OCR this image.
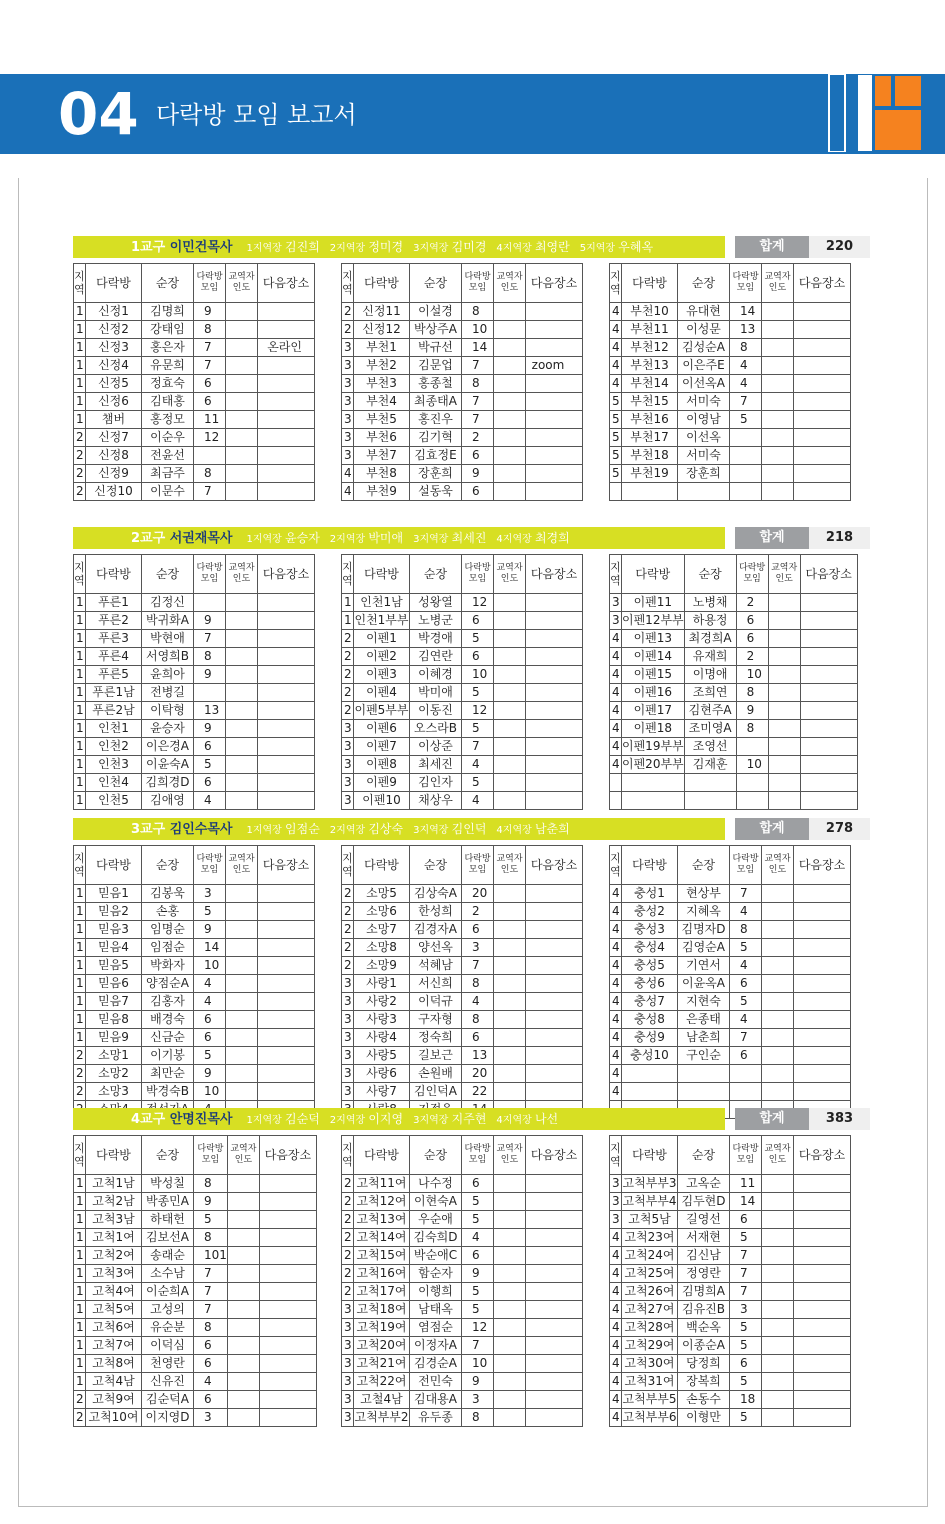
04 다락방 모임 보고서
1교구 이민건목사 1지역장 김진희 2지역장 정미경 3지역장 김미경 4지역장 최영란 5지역장 우혜옥	합계	220
지역	다락방	순장	다락방모임	교역자인도	다음장소
1	신정1	김명희	9		
1	신정2	강태임	8		
1	신정3	홍은자	7		온라인
1	신정4	유문희	7		
1	신정5	정효숙	6		
1	신정6	김태홍	6		
1	챔버	홍정모	11		
2	신정7	이순우	12		
2	신정8	전윤선			
2	신정9	최금주	8		
2	신정10	이문수	7		
지역	다락방	순장	다락방모임	교역자인도	다음장소
2	신정11	이설경	8		
2	신정12	박상주A	10		
3	부천1	박규선	14		
3	부천2	김문업	7		zoom
3	부천3	홍종철	8		
3	부천4	최종태A	7		
3	부천5	홍진우	7		
3	부천6	김기혁	2		
3	부천7	김효정E	6		
4	부천8	장훈희	9		
4	부천9	설동욱	6		
지역	다락방	순장	다락방모임	교역자인도	다음장소
4	부천10	유대현	14		
4	부천11	이성문	13		
4	부천12	김성순A	8		
4	부천13	이은주E	4		
4	부천14	이선옥A	4		
5	부천15	서미숙	7		
5	부천16	이영남	5		
5	부천17	이선옥			
5	부천18	서미숙			
5	부천19	장훈희			

2교구 서권재목사 1지역장 윤승자 2지역장 박미애 3지역장 최세진 4지역장 최경희	합계	218
지역	다락방	순장	다락방모임	교역자인도	다음장소
1	푸른1	김정신			
1	푸른2	박귀화A	9		
1	푸른3	박현애	7		
1	푸른4	서영희B	8		
1	푸른5	윤희아	9		
1	푸른1남	전병길			
1	푸른2남	이탁형	13		
1	인천1	윤승자	9		
1	인천2	이은경A	6		
1	인천3	이윤숙A	5		
1	인천4	김희경D	6		
1	인천5	김애영	4		
지역	다락방	순장	다락방모임	교역자인도	다음장소
1	인천1남	성왕열	12		
1	인천1부부	노병군	6		
2	이펜1	박경애	5		
2	이펜2	김연란	6		
2	이펜3	이혜경	10		
2	이펜4	박미애	5		
2	이펜5부부	이동진	12		
3	이펜6	오스라B	5		
3	이펜7	이상준	7		
3	이펜8	최세진	4		
3	이펜9	김인자	5		
3	이펜10	채상우	4		
지역	다락방	순장	다락방모임	교역자인도	다음장소
3	이펜11	노병채	2		
3	이펜12부부	하용정	6		
4	이펜13	최경희A	6		
4	이펜14	유재희	2		
4	이펜15	이명애	10		
4	이펜16	조희연	8		
4	이펜17	김현주A	9		
4	이펜18	조미영A	8		
4	이펜19부부	조영선			
4	이펜20부부	김재훈	10		

3교구 김인수목사 1지역장 임점순 2지역장 김상숙 3지역장 김인덕 4지역장 남춘희	합계	278
지역	다락방	순장	다락방모임	교역자인도	다음장소
1	믿음1	김봉욱	3		
1	믿음2	손홍	5		
1	믿음3	임명순	9		
1	믿음4	임점순	14		
1	믿음5	박화자	10		
1	믿음6	양점순A	4		
1	믿음7	김홍자	4		
1	믿음8	배경숙	6		
1	믿음9	신금순	6		
2	소망1	이기봉	5		
2	소망2	최만순	9		
2	소망3	박경숙B	10		

지역	다락방	순장	다락방모임	교역자인도	다음장소
2	소망5	김상숙A	20		
2	소망6	한성희	2		
2	소망7	김경자A	6		
2	소망8	양선옥	3		
2	소망9	석혜남	7		
3	사랑1	서신희	8		
3	사랑2	이덕규	4		
3	사랑3	구자형	8		
3	사랑4	정숙희	6		
3	사랑5	길보근	13		
3	사랑6	손원배	20		
3	사랑7	김인덕A	22		

지역	다락방	순장	다락방모임	교역자인도	다음장소
4	충성1	현상부	7		
4	충성2	지혜옥	4		
4	충성3	김명자D	8		
4	충성4	김영순A	5		
4	충성5	기연서	4		
4	충성6	이윤옥A	6		
4	충성7	지현숙	5		
4	충성8	은종태	4		
4	충성9	남춘희	7		
4	충성10	구인순	6		
4					
4					

4교구 안명진목사 1지역장 김순덕 2지역장 이지영 3지역장 지주현 4지역장 나선	합계	383
지역	다락방	순장	다락방모임	교역자인도	다음장소
1	고척1남	박성칠	8		
1	고척2남	박종민A	9		
1	고척3남	하태헌	5		
1	고척1여	김보선A	8		
1	고척2여	송래순	101		
1	고척3여	소수남	7		
1	고척4여	이순희A	7		
1	고척5여	고성의	7		
1	고척6여	유순분	8		
1	고척7여	이덕심	6		
1	고척8여	천영란	6		
1	고척4남	신유진	4		
2	고척9여	김순덕A	6		
2	고척10여	이지영D	3		
지역	다락방	순장	다락방모임	교역자인도	다음장소
2	고척11여	나수정	6		
2	고척12여	이현숙A	5		
2	고척13여	우순애	5		
2	고척14여	김숙희D	4		
2	고척15여	박순애C	6		
2	고척16여	함순자	9		
2	고척17여	이행희	5		
3	고척18여	남태옥	5		
3	고척19여	염점순	12		
3	고척20여	이정자A	7		
3	고척21여	김경순A	10		
3	고척22여	전민숙	9		
3	고철4남	김대용A	3		
3	고척부부2	유두종	8		
지역	다락방	순장	다락방모임	교역자인도	다음장소
3	고척부부3	고옥순	11		
3	고척부부4	김두현D	14		
3	고척5남	길영선	6		
4	고척23여	서재현	5		
4	고척24여	김신남	7		
4	고척25여	정영란	7		
4	고척26여	김명희A	7		
4	고척27여	김유진B	3		
4	고척28여	백순옥	5		
4	고척29여	이종순A	5		
4	고척30여	당정희	6		
4	고척31여	장복희	5		
4	고척부부5	손동수	18		
4	고척부부6	이형만	5		
